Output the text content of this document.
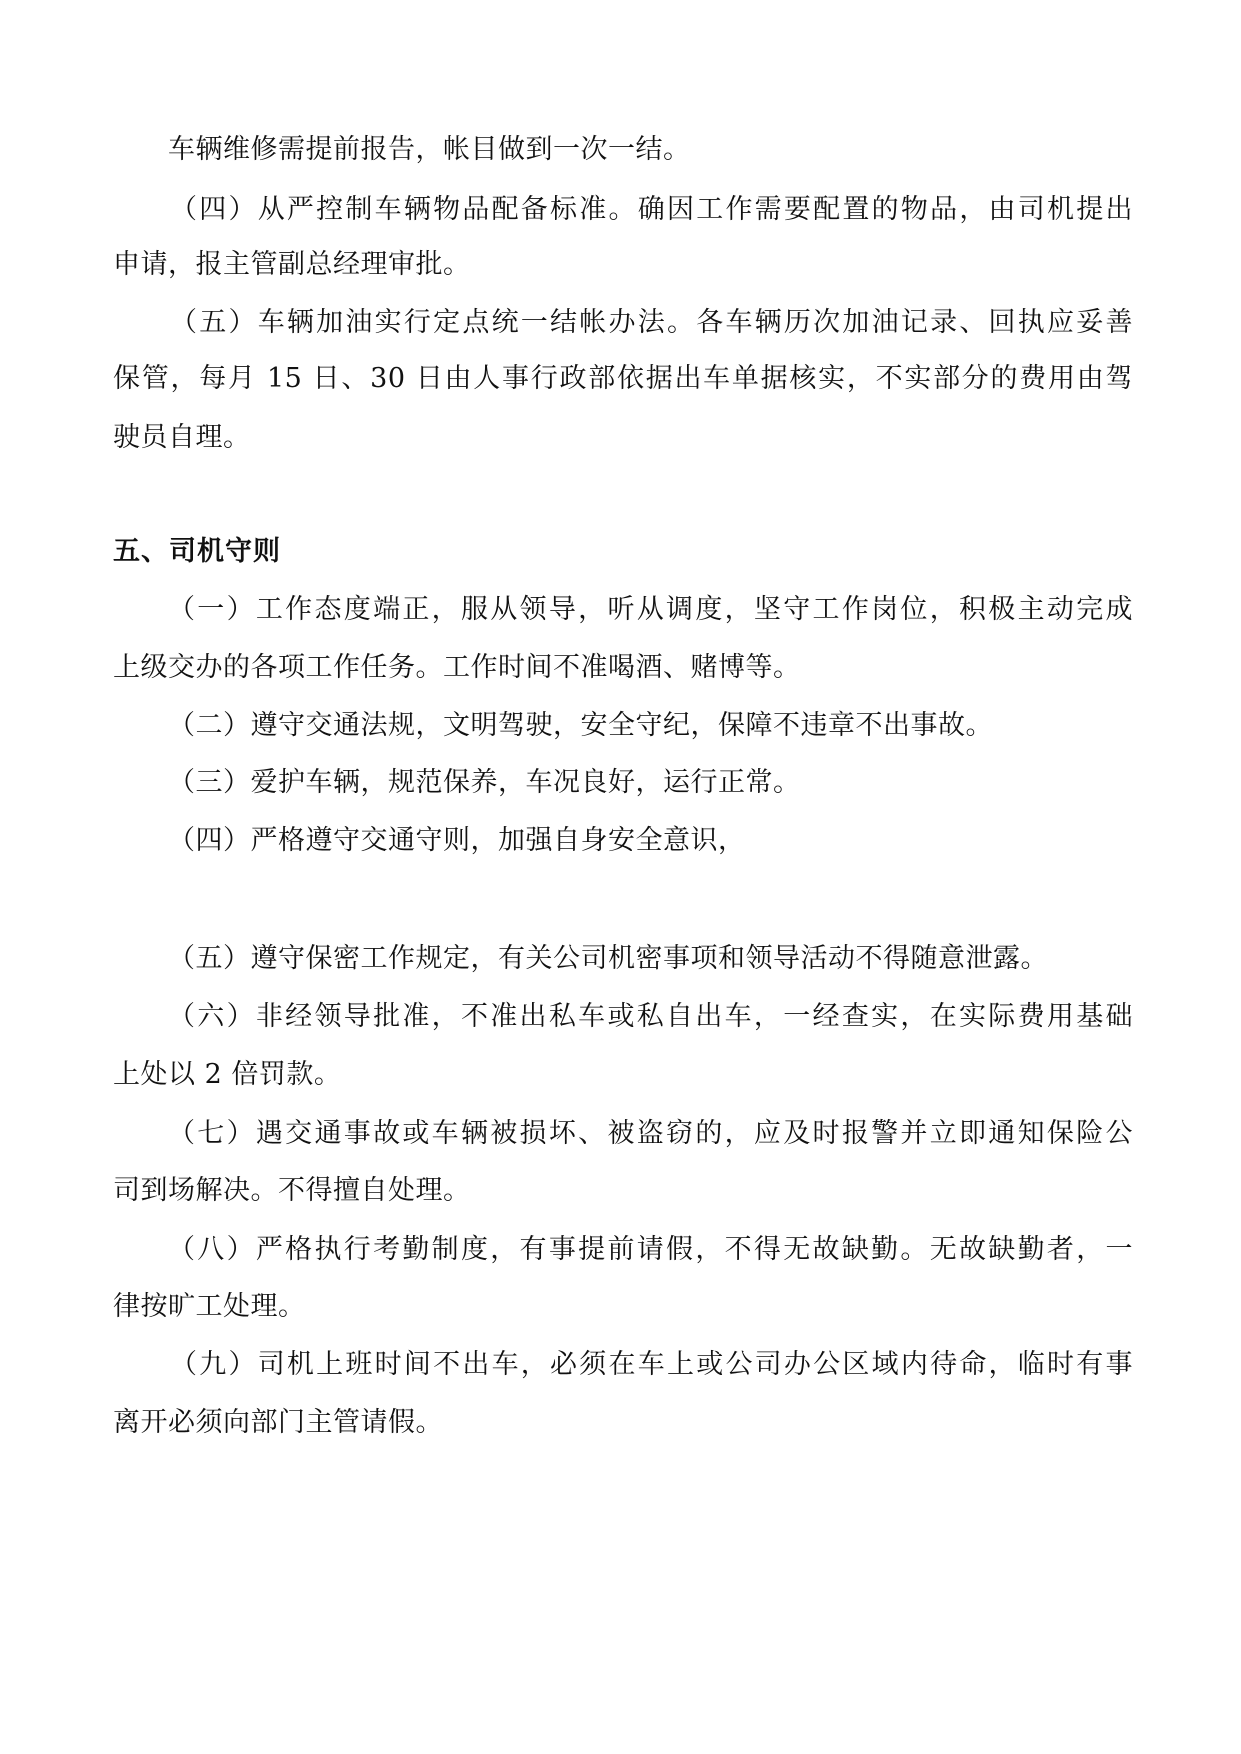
车辆维修需提前报告，帐目做到一次一结。
（四）从严控制车辆物品配备标准。确因工作需要配置的物品，由司机提出
申请，报主管副总经理审批。
（五）车辆加油实行定点统一结帐办法。各车辆历次加油记录、回执应妥善
保管，每月 15 日、30 日由人事行政部依据出车单据核实，不实部分的费用由驾
驶员自理。
五、司机守则
（一）工作态度端正，服从领导，听从调度，坚守工作岗位，积极主动完成
上级交办的各项工作任务。工作时间不准喝酒、赌博等。
（二）遵守交通法规，文明驾驶，安全守纪，保障不违章不出事故。
（三）爱护车辆，规范保养，车况良好，运行正常。
（四）严格遵守交通守则，加强自身安全意识，
（五）遵守保密工作规定，有关公司机密事项和领导活动不得随意泄露。
（六）非经领导批准，不准出私车或私自出车，一经查实，在实际费用基础
上处以 2 倍罚款。
（七）遇交通事故或车辆被损坏、被盗窃的，应及时报警并立即通知保险公
司到场解决。不得擅自处理。
（八）严格执行考勤制度，有事提前请假，不得无故缺勤。无故缺勤者，一
律按旷工处理。
（九）司机上班时间不出车，必须在车上或公司办公区域内待命，临时有事
离开必须向部门主管请假。
